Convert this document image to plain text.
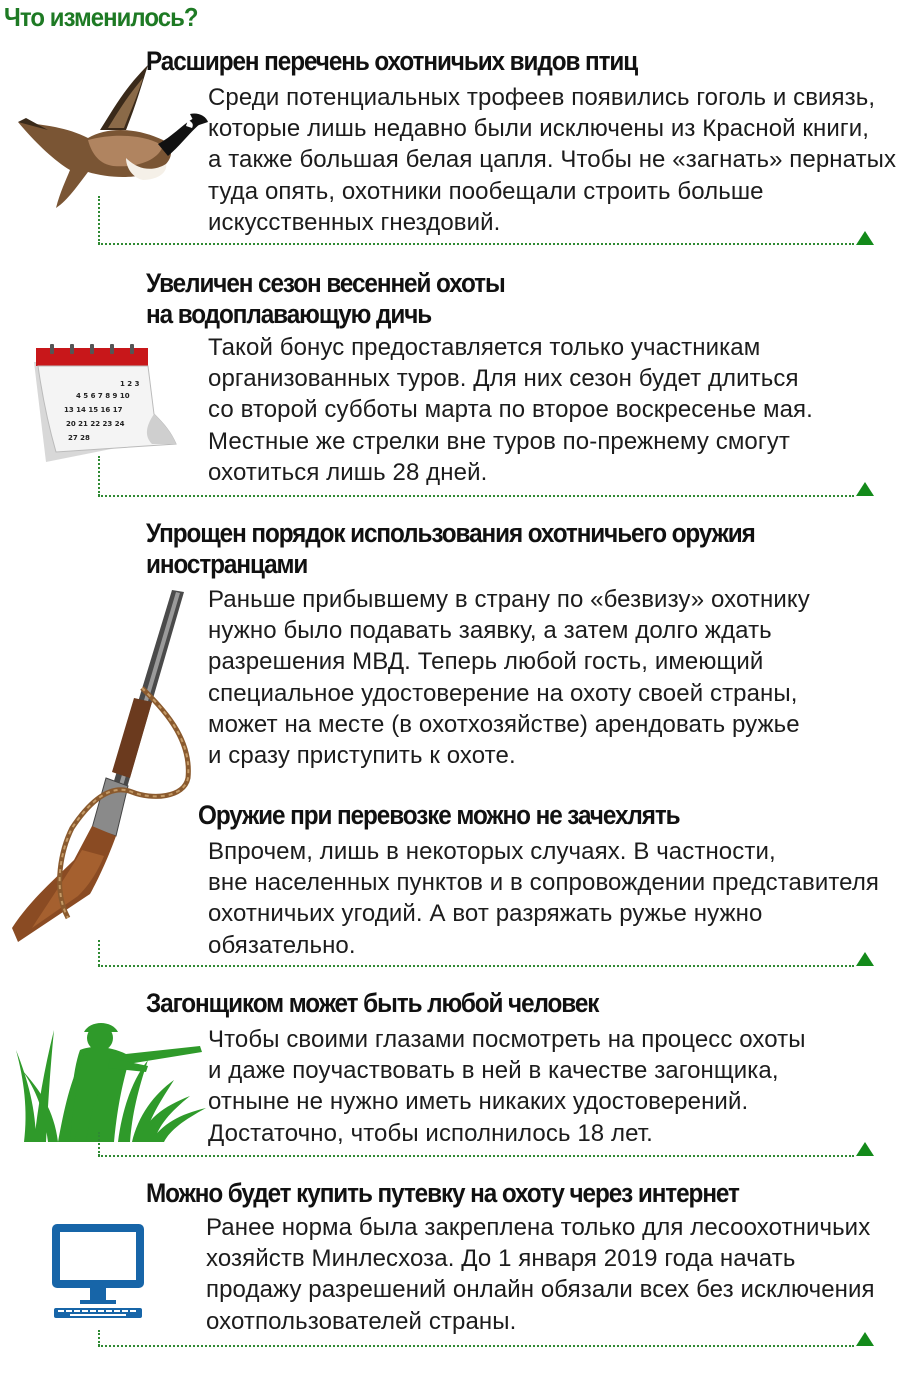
Что изменилось?
Расширен перечень охотничьих видов птиц
Среди потенциальных трофеев появились гоголь и свиязь,
которые лишь недавно были исключены из Красной книги,
а также большая белая цапля. Чтобы не «загнать» пернатых
туда опять, охотники пообещали строить больше
искусственных гнездовий.
Увеличен сезон весенней охоты
на водоплавающую дичь
1 2 3
4 5 6 7 8 9 10
13 14 15 16 17
20 21 22 23 24
27 28
Такой бонус предоставляется только участникам
организованных туров. Для них сезон будет длиться
со второй субботы марта по второе воскресенье мая.
Местные же стрелки вне туров по-прежнему смогут
охотиться лишь 28 дней.
Упрощен порядок использования охотничьего оружия
иностранцами
Раньше прибывшему в страну по «безвизу» охотнику
нужно было подавать заявку, а затем долго ждать
разрешения МВД. Теперь любой гость, имеющий
специальное удостоверение на охоту своей страны,
может на месте (в охотхозяйстве) арендовать ружье
и сразу приступить к охоте.
Оружие при перевозке можно не зачехлять
Впрочем, лишь в некоторых случаях. В частности,
вне населенных пунктов и в сопровождении представителя
охотничьих угодий. А вот разряжать ружье нужно
обязательно.
Загонщиком может быть любой человек
Чтобы своими глазами посмотреть на процесс охоты
и даже поучаствовать в ней в качестве загонщика,
отныне не нужно иметь никаких удостоверений.
Достаточно, чтобы исполнилось 18 лет.
Можно будет купить путевку на охоту через интернет
Ранее норма была закреплена только для лесоохотничьих
хозяйств Минлесхоза. До 1 января 2019 года начать
продажу разрешений онлайн обязали всех без исключения
охотпользователей страны.
